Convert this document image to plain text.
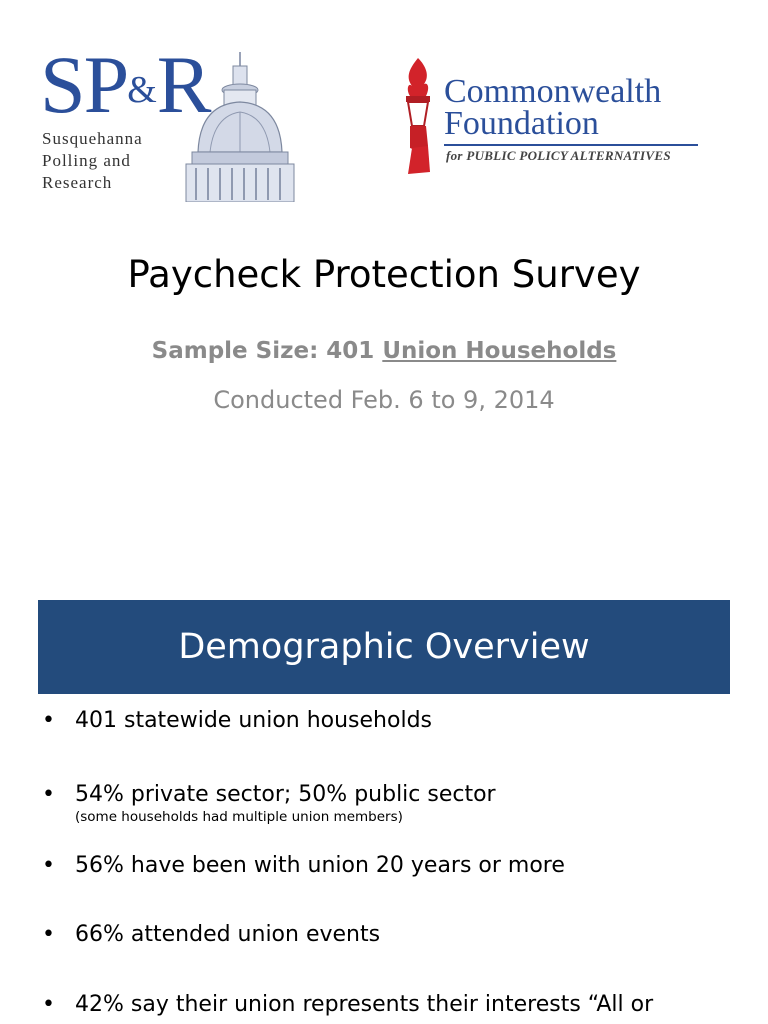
SP&R
Susquehanna
Polling and
Research
Commonwealth
Foundation
for PUBLIC POLICY ALTERNATIVES
Paycheck Protection Survey
Sample Size: 401 Union Households
Conducted Feb. 6 to 9, 2014
Demographic Overview
• 401 statewide union households
• 54% private sector; 50% public sector
(some households had multiple union members)
• 56% have been with union 20 years or more
• 66% attended union events
• 42% say their union represents their interests “All or
